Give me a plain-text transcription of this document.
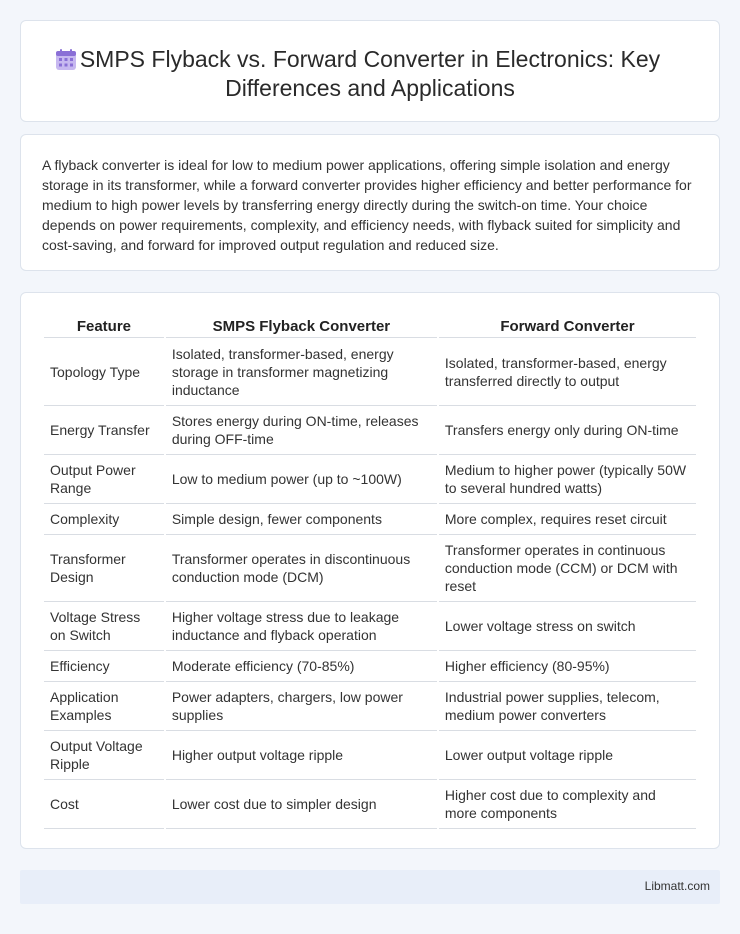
SMPS Flyback vs. Forward Converter in Electronics: Key Differences and Applications

A flyback converter is ideal for low to medium power applications, offering simple isolation and energy storage in its transformer, while a forward converter provides higher efficiency and better performance for medium to high power levels by transferring energy directly during the switch-on time. Your choice depends on power requirements, complexity, and efficiency needs, with flyback suited for simplicity and cost-saving, and forward for improved output regulation and reduced size.

Feature	SMPS Flyback Converter	Forward Converter
Topology Type	Isolated, transformer-based, energy storage in transformer magnetizing inductance	Isolated, transformer-based, energy transferred directly to output
Energy Transfer	Stores energy during ON-time, releases during OFF-time	Transfers energy only during ON-time
Output Power Range	Low to medium power (up to ~100W)	Medium to higher power (typically 50W to several hundred watts)
Complexity	Simple design, fewer components	More complex, requires reset circuit
Transformer Design	Transformer operates in discontinuous conduction mode (DCM)	Transformer operates in continuous conduction mode (CCM) or DCM with reset
Voltage Stress on Switch	Higher voltage stress due to leakage inductance and flyback operation	Lower voltage stress on switch
Efficiency	Moderate efficiency (70-85%)	Higher efficiency (80-95%)
Application Examples	Power adapters, chargers, low power supplies	Industrial power supplies, telecom, medium power converters
Output Voltage Ripple	Higher output voltage ripple	Lower output voltage ripple
Cost	Lower cost due to simpler design	Higher cost due to complexity and more components
Libmatt.com
